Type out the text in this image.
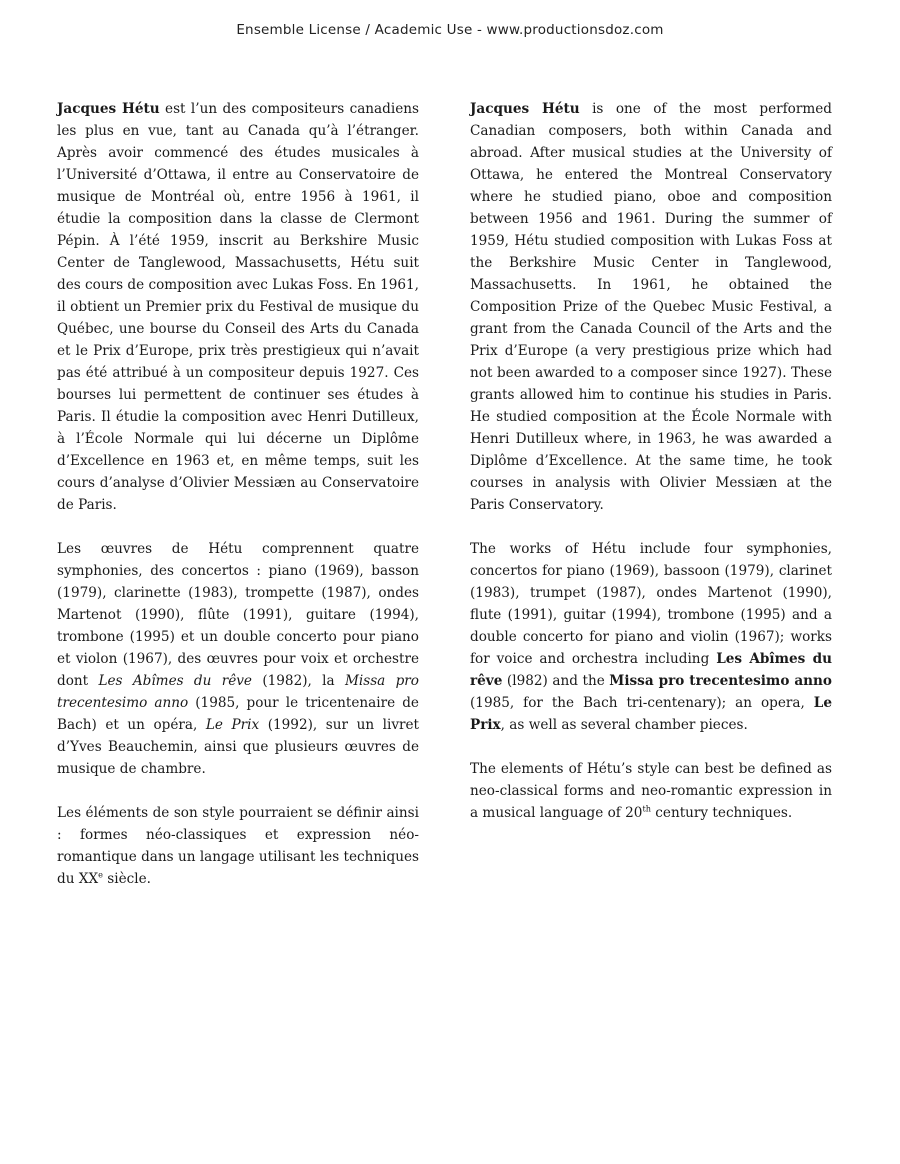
Ensemble License / Academic Use - www.productionsdoz.com

Jacques Hétu est l’un des compositeurs canadiens les plus en vue, tant au Canada qu’à l’étranger. Après avoir commencé des études musicales à l’Université d’Ottawa, il entre au Conservatoire de musique de Montréal où, entre 1956 à 1961, il étudie la composition dans la classe de Clermont Pépin. À l’été 1959, inscrit au Berkshire Music Center de Tanglewood, Massachusetts, Hétu suit des cours de composition avec Lukas Foss. En 1961, il obtient un Premier prix du Festival de musique du Québec, une bourse du Conseil des Arts du Canada et le Prix d’Europe, prix très prestigieux qui n’avait pas été attribué à un compositeur depuis 1927. Ces bourses lui permettent de continuer ses études à Paris. Il étudie la composition avec Henri Dutilleux, à l’École Normale qui lui décerne un Diplôme d’Excellence en 1963 et, en même temps, suit les cours d’analyse d’Olivier Messiæn au Conservatoire de Paris.

Les œuvres de Hétu comprennent quatre symphonies, des concertos : piano (1969), basson (1979), clarinette (1983), trompette (1987), ondes Martenot (1990), flûte (1991), guitare (1994), trombone (1995) et un double concerto pour piano et violon (1967), des œuvres pour voix et orchestre dont Les Abîmes du rêve (1982), la Missa pro trecentesimo anno (1985, pour le tricentenaire de Bach) et un opéra, Le Prix (1992), sur un livret d’Yves Beauchemin, ainsi que plusieurs œuvres de musique de chambre.

Les éléments de son style pourraient se définir ainsi : formes néo-classiques et expression néo-romantique dans un langage utilisant les techniques du XXe siècle.

Jacques Hétu is one of the most performed Canadian composers, both within Canada and abroad. After musical studies at the University of Ottawa, he entered the Montreal Conservatory where he studied piano, oboe and composition between 1956 and 1961. During the summer of 1959, Hétu studied composition with Lukas Foss at the Berkshire Music Center in Tanglewood, Massachusetts. In 1961, he obtained the Composition Prize of the Quebec Music Festival, a grant from the Canada Council of the Arts and the Prix d’Europe (a very prestigious prize which had not been awarded to a composer since 1927). These grants allowed him to continue his studies in Paris. He studied composition at the École Normale with Henri Dutilleux where, in 1963, he was awarded a Diplôme d’Excellence. At the same time, he took courses in analysis with Olivier Messiæn at the Paris Conservatory.

The works of Hétu include four symphonies, concertos for piano (1969), bassoon (1979), clarinet (1983), trumpet (1987), ondes Martenot (1990), flute (1991), guitar (1994), trombone (1995) and a double concerto for piano and violin (1967); works for voice and orchestra including Les Abîmes du rêve (l982) and the Missa pro trecentesimo anno (1985, for the Bach tri-centenary); an opera, Le Prix, as well as several chamber pieces.

The elements of Hétu’s style can best be defined as neo-classical forms and neo-romantic expression in a musical language of 20th century techniques.
